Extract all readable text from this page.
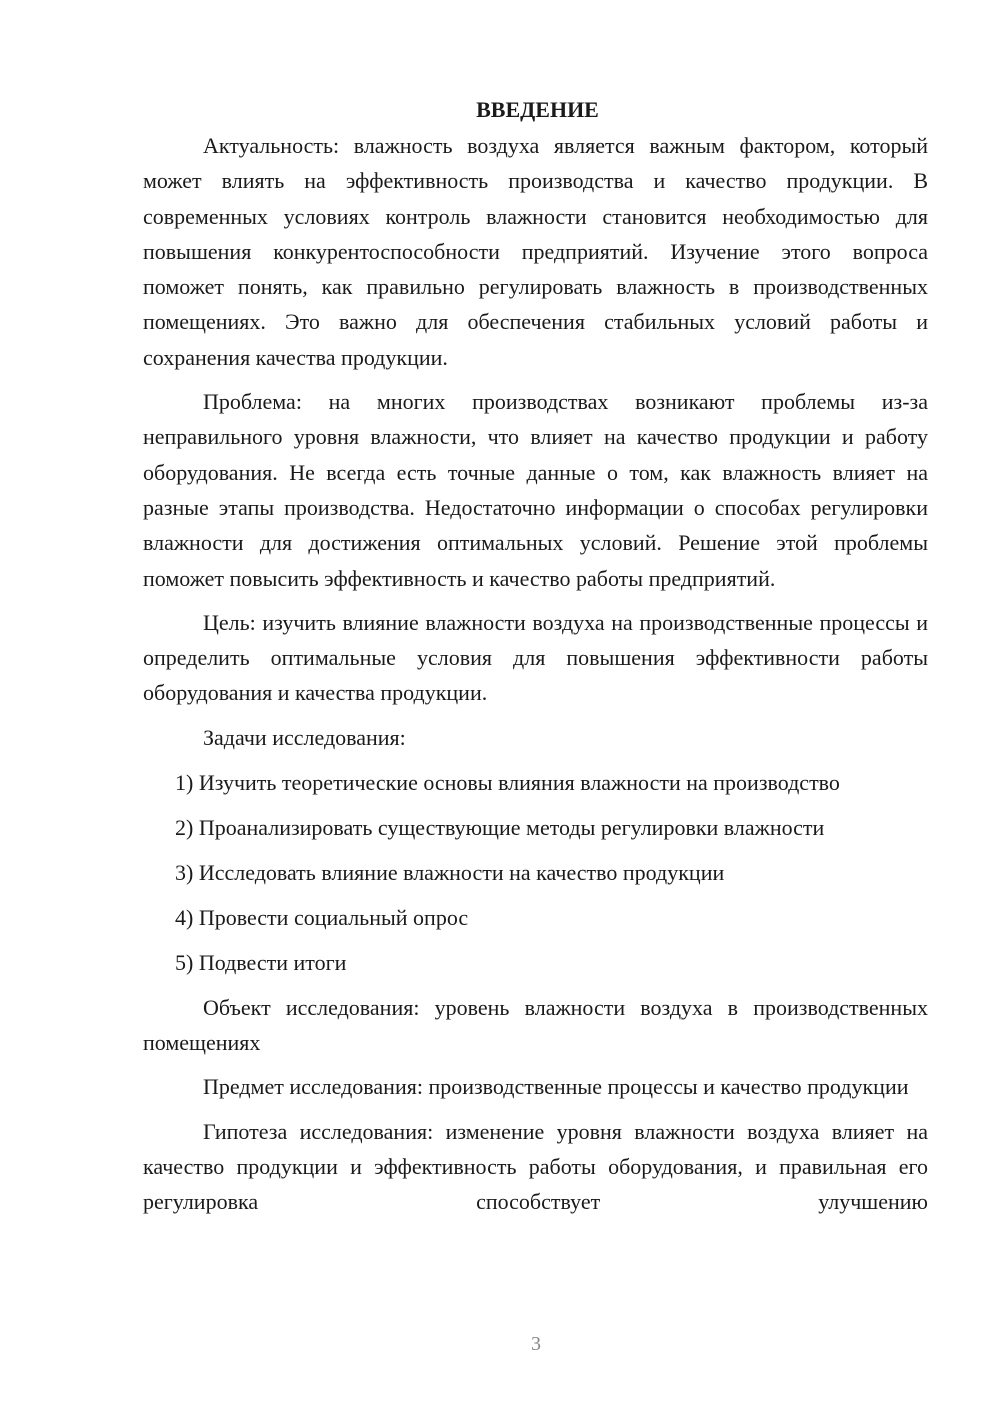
ВВЕДЕНИЕ

Актуальность: влажность воздуха является важным фактором, который может влиять на эффективность производства и качество продукции. В современных условиях контроль влажности становится необходимостью для повышения конкурентоспособности предприятий. Изучение этого вопроса поможет понять, как правильно регулировать влажность в производственных помещениях. Это важно для обеспечения стабильных условий работы и сохранения качества продукции.

Проблема: на многих производствах возникают проблемы из-за неправильного уровня влажности, что влияет на качество продукции и работу оборудования. Не всегда есть точные данные о том, как влажность влияет на разные этапы производства. Недостаточно информации о способах регулировки влажности для достижения оптимальных условий. Решение этой проблемы поможет повысить эффективность и качество работы предприятий.

Цель: изучить влияние влажности воздуха на производственные процессы и определить оптимальные условия для повышения эффективности работы оборудования и качества продукции.

Задачи исследования:

1) Изучить теоретические основы влияния влажности на производство

2) Проанализировать существующие методы регулировки влажности

3) Исследовать влияние влажности на качество продукции

4) Провести социальный опрос

5) Подвести итоги

Объект исследования: уровень влажности воздуха в производственных помещениях

Предмет исследования: производственные процессы и качество продукции

Гипотеза исследования: изменение уровня влажности воздуха влияет на качество продукции и эффективность работы оборудования, и правильная его регулировка способствует улучшению

3
